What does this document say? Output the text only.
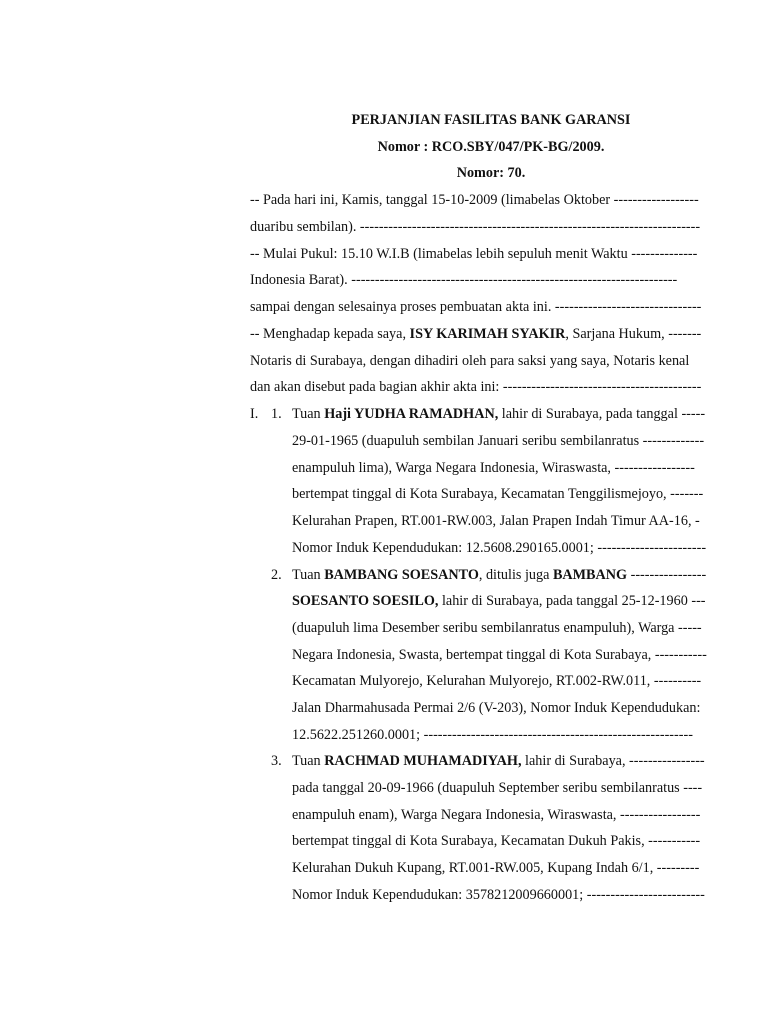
PERJANJIAN FASILITAS BANK GARANSI
Nomor : RCO.SBY/047/PK-BG/2009.
Nomor: 70.
-- Pada hari ini, Kamis, tanggal 15-10-2009 (limabelas Oktober ------------------
duaribu sembilan). ------------------------------------------------------------------------
-- Mulai Pukul: 15.10 W.I.B (limabelas lebih sepuluh menit Waktu --------------
Indonesia Barat). ---------------------------------------------------------------------
sampai dengan selesainya proses pembuatan akta ini. -------------------------------
-- Menghadap kepada saya, ISY KARIMAH SYAKIR, Sarjana Hukum, -------
Notaris di Surabaya, dengan dihadiri oleh para saksi yang saya, Notaris kenal
dan akan disebut pada bagian akhir akta ini: ------------------------------------------
I. 1. Tuan Haji YUDHA RAMADHAN, lahir di Surabaya, pada tanggal -----
29-01-1965 (duapuluh sembilan Januari seribu sembilanratus -------------
enampuluh lima), Warga Negara Indonesia, Wiraswasta, -----------------
bertempat tinggal di Kota Surabaya, Kecamatan Tenggilismejoyo, -------
Kelurahan Prapen, RT.001-RW.003, Jalan Prapen Indah Timur AA-16, -
Nomor Induk Kependudukan: 12.5608.290165.0001; -----------------------
2. Tuan BAMBANG SOESANTO, ditulis juga BAMBANG ----------------
SOESANTO SOESILO, lahir di Surabaya, pada tanggal 25-12-1960 ---
(duapuluh lima Desember seribu sembilanratus enampuluh), Warga -----
Negara Indonesia, Swasta, bertempat tinggal di Kota Surabaya, -----------
Kecamatan Mulyorejo, Kelurahan Mulyorejo, RT.002-RW.011, ----------
Jalan Dharmahusada Permai 2/6 (V-203), Nomor Induk Kependudukan:
12.5622.251260.0001; ---------------------------------------------------------
3. Tuan RACHMAD MUHAMADIYAH, lahir di Surabaya, ----------------
pada tanggal 20-09-1966 (duapuluh September seribu sembilanratus ----
enampuluh enam), Warga Negara Indonesia, Wiraswasta, -----------------
bertempat tinggal di Kota Surabaya, Kecamatan Dukuh Pakis, -----------
Kelurahan Dukuh Kupang, RT.001-RW.005, Kupang Indah 6/1, ---------
Nomor Induk Kependudukan: 3578212009660001; -------------------------
